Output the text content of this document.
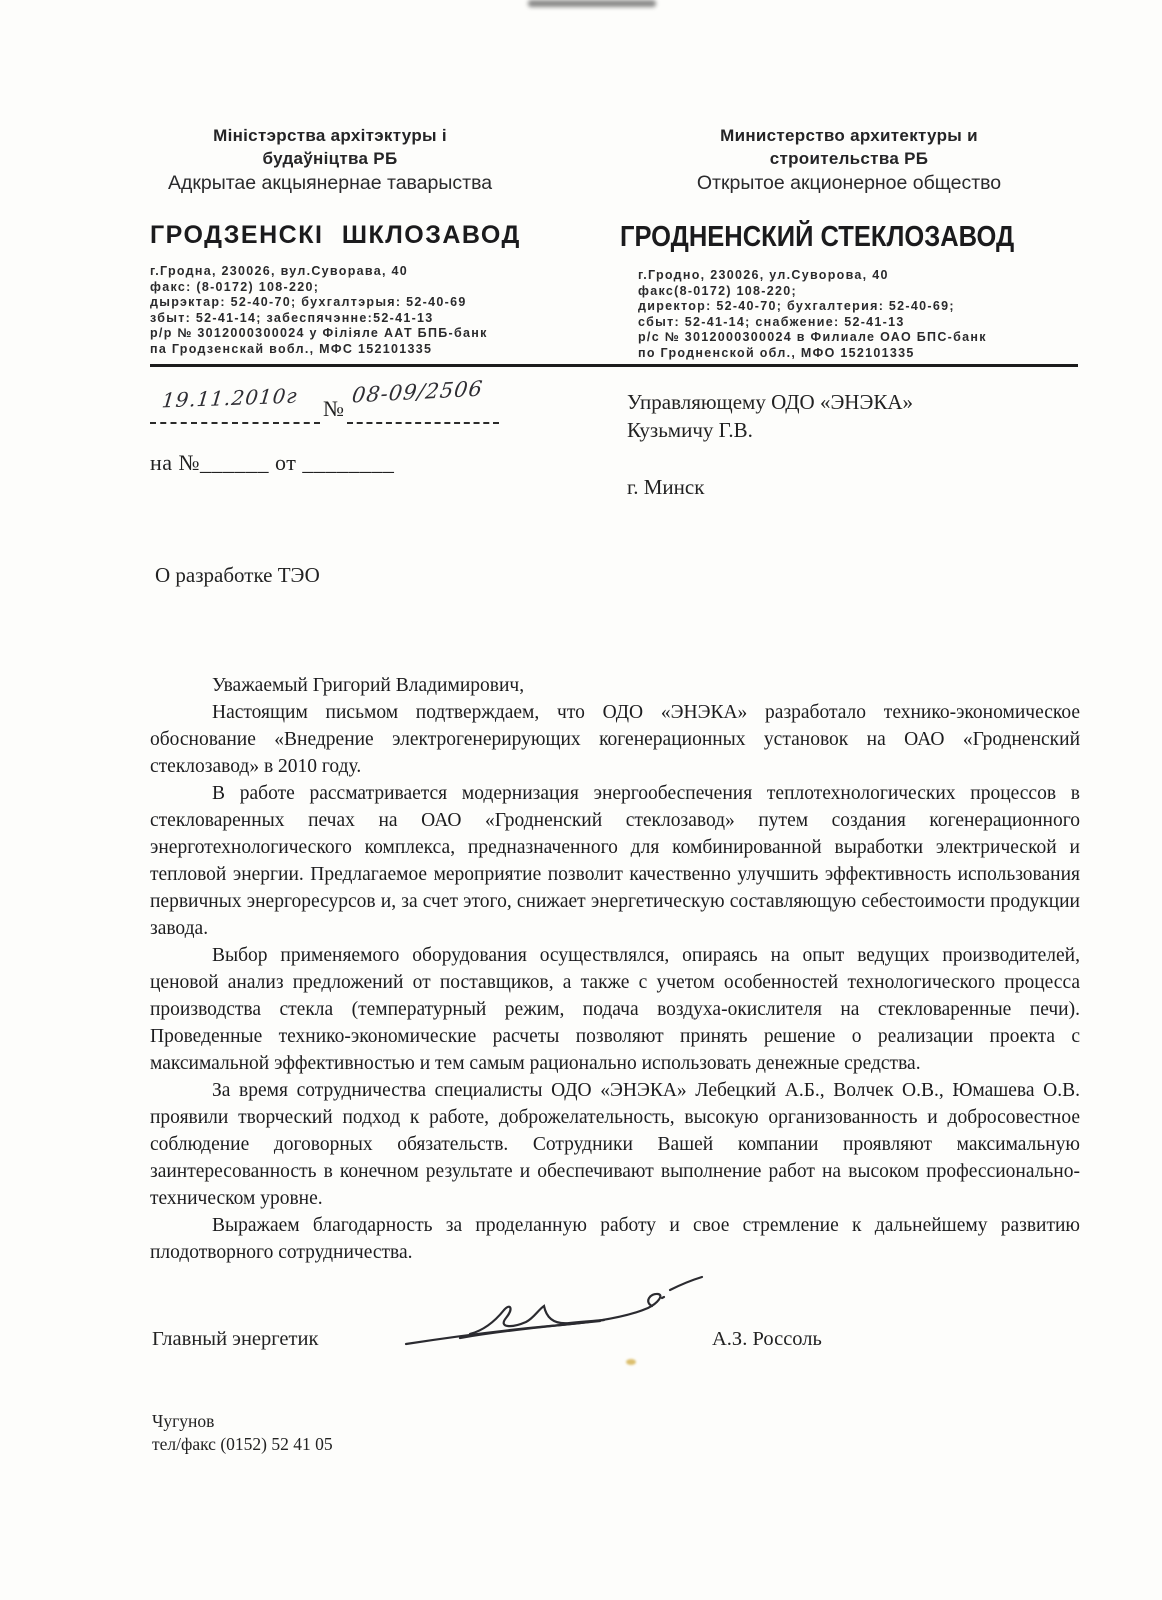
Міністэрства архітэктуры і
будаўніцтва РБ
Адкрытае акцыянернае таварыства
ГРОДЗЕНСКІ ШКЛОЗАВОД
г.Гродна, 230026, вул.Суворава, 40
факс: (8-0172) 108-220;
дырэктар: 52-40-70; бухгалтэрыя: 52-40-69
збыт: 52-41-14; забеспячэнне:52-41-13
р/р № 3012000300024 у Філіяле ААТ БПБ-банк
па Гродзенскай вобл., МФС 152101335
Министерство архитектуры и
строительства РБ
Открытое акционерное общество
ГРОДНЕНСКИЙ СТЕКЛОЗАВОД
г.Гродно, 230026, ул.Суворова, 40
факс(8-0172) 108-220;
директор: 52-40-70; бухгалтерия: 52-40-69;
сбыт: 52-41-14; снабжение: 52-41-13
р/с № 3012000300024 в Филиале ОАО БПС-банк
по Гродненской обл., МФО 152101335
№
19.11.2010г 08-09/2506
на №______ от ________
Управляющему ОДО «ЭНЭКА»
Кузьмичу Г.В.
г. Минск
О разработке ТЭО

Уважаемый Григорий Владимирович,

Настоящим письмом подтверждаем, что ОДО «ЭНЭКА» разработало технико-экономическое обоснование «Внедрение электрогенерирующих когенерационных установок на ОАО «Гродненский стеклозавод» в 2010 году.

В работе рассматривается модернизация энергообеспечения теплотехнологических процессов в стекловаренных печах на ОАО «Гродненский стеклозавод» путем создания когенерационного энерготехнологического комплекса, предназначенного для комбинированной выработки электрической и тепловой энергии. Предлагаемое мероприятие позволит качественно улучшить эффективность использования первичных энергоресурсов и, за счет этого, снижает энергетическую составляющую себестоимости продукции завода.

Выбор применяемого оборудования осуществлялся, опираясь на опыт ведущих производителей, ценовой анализ предложений от поставщиков, а также с учетом особенностей технологического процесса производства стекла (температурный режим, подача воздуха-окислителя на стекловаренные печи). Проведенные технико-экономические расчеты позволяют принять решение о реализации проекта с максимальной эффективностью и тем самым рационально использовать денежные средства.

За время сотрудничества специалисты ОДО «ЭНЭКА» Лебецкий А.Б., Волчек О.В., Юмашева О.В. проявили творческий подход к работе, доброжелательность, высокую организованность и добросовестное соблюдение договорных обязательств. Сотрудники Вашей компании проявляют максимальную заинтересованность в конечном результате и обеспечивают выполнение работ на высоком профессионально-техническом уровне.

Выражаем благодарность за проделанную работу и свое стремление к дальнейшему развитию плодотворного сотрудничества.

Главный энергетик	А.З. Россоль
Чугунов
тел/факс (0152) 52 41 05
